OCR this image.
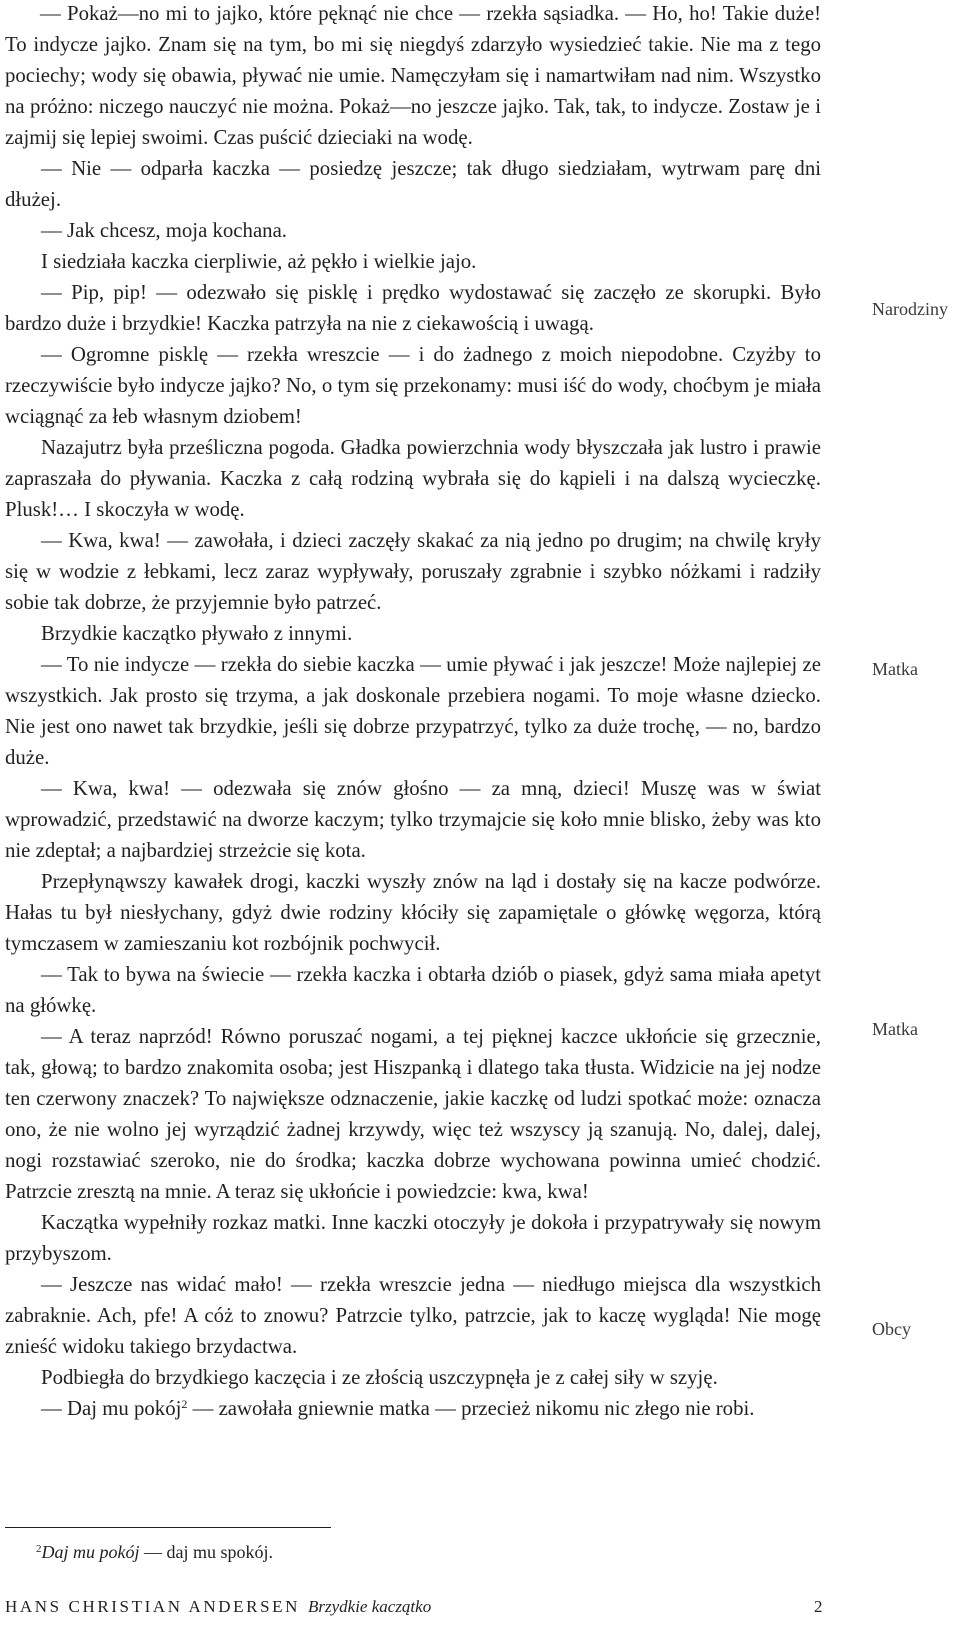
— Pokaż—no mi to jajko, które pęknąć nie chce — rzekła sąsiadka. — Ho, ho! Takie duże! To indycze jajko. Znam się na tym, bo mi się niegdyś zdarzyło wysiedzieć takie. Nie ma z tego pociechy; wody się obawia, pływać nie umie. Namęczyłam się i namartwiłam nad nim. Wszystko na próżno: niczego nauczyć nie można. Pokaż—no jeszcze jajko. Tak, tak, to indycze. Zostaw je i zajmij się lepiej swoimi. Czas puścić dzieciaki na wodę.

— Nie — odparła kaczka — posiedzę jeszcze; tak długo siedziałam, wytrwam parę dni dłużej.

— Jak chcesz, moja kochana.

I siedziała kaczka cierpliwie, aż pękło i wielkie jajo.

— Pip, pip! — odezwało się pisklę i prędko wydostawać się zaczęło ze skorupki. Było bardzo duże i brzydkie! Kaczka patrzyła na nie z ciekawością i uwagą.

— Ogromne pisklę — rzekła wreszcie — i do żadnego z moich niepodobne. Czyżby to rzeczywiście było indycze jajko? No, o tym się przekonamy: musi iść do wody, choćbym je miała wciągnąć za łeb własnym dziobem!

Nazajutrz była prześliczna pogoda. Gładka powierzchnia wody błyszczała jak lustro i prawie zapraszała do pływania. Kaczka z całą rodziną wybrała się do kąpieli i na dalszą wycieczkę. Plusk!… I skoczyła w wodę.

— Kwa, kwa! — zawołała, i dzieci zaczęły skakać za nią jedno po drugim; na chwilę kryły się w wodzie z łebkami, lecz zaraz wypływały, poruszały zgrabnie i szybko nóżkami i radziły sobie tak dobrze, że przyjemnie było patrzeć.

Brzydkie kaczątko pływało z innymi.

— To nie indycze — rzekła do siebie kaczka — umie pływać i jak jeszcze! Może najlepiej ze wszystkich. Jak prosto się trzyma, a jak doskonale przebiera nogami. To moje własne dziecko. Nie jest ono nawet tak brzydkie, jeśli się dobrze przypatrzyć, tylko za duże trochę, — no, bardzo duże.

— Kwa, kwa! — odezwała się znów głośno — za mną, dzieci! Muszę was w świat wprowadzić, przedstawić na dworze kaczym; tylko trzymajcie się koło mnie blisko, żeby was kto nie zdeptał; a najbardziej strzeżcie się kota.

Przepłynąwszy kawałek drogi, kaczki wyszły znów na ląd i dostały się na kacze podwórze. Hałas tu był niesłychany, gdyż dwie rodziny kłóciły się zapamiętale o główkę węgorza, którą tymczasem w zamieszaniu kot rozbójnik pochwycił.

— Tak to bywa na świecie — rzekła kaczka i obtarła dziób o piasek, gdyż sama miała apetyt na główkę.

— A teraz naprzód! Równo poruszać nogami, a tej pięknej kaczce ukłońcie się grzecznie, tak, głową; to bardzo znakomita osoba; jest Hiszpanką i dlatego taka tłusta. Widzicie na jej nodze ten czerwony znaczek? To największe odznaczenie, jakie kaczkę od ludzi spotkać może: oznacza ono, że nie wolno jej wyrządzić żadnej krzywdy, więc też wszyscy ją szanują. No, dalej, dalej, nogi rozstawiać szeroko, nie do środka; kaczka dobrze wychowana powinna umieć chodzić. Patrzcie zresztą na mnie. A teraz się ukłońcie i powiedzcie: kwa, kwa!

Kaczątka wypełniły rozkaz matki. Inne kaczki otoczyły je dokoła i przypatrywały się nowym przybyszom.

— Jeszcze nas widać mało! — rzekła wreszcie jedna — niedługo miejsca dla wszystkich zabraknie. Ach, pfe! A cóż to znowu? Patrzcie tylko, patrzcie, jak to kaczę wygląda! Nie mogę znieść widoku takiego brzydactwa.

Podbiegła do brzydkiego kaczęcia i ze złością uszczypnęła je z całej siły w szyję.

— Daj mu pokój$^2$ — zawołała gniewnie matka — przecież nikomu nic złego nie robi.

Narodziny
Matka
Matka
Obcy
$^2$Daj mu pokój — daj mu spokój.
HANS CHRISTIAN ANDERSEN Brzydkie kaczątko	2
